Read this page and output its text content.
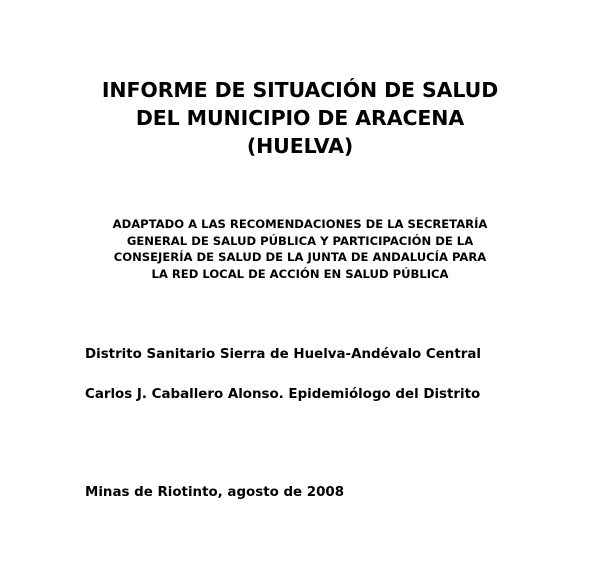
INFORME DE SITUACIÓN DE SALUD
DEL MUNICIPIO DE ARACENA
(HUELVA)
ADAPTADO A LAS RECOMENDACIONES DE LA SECRETARÍA
GENERAL DE SALUD PÚBLICA Y PARTICIPACIÓN DE LA
CONSEJERÍA DE SALUD DE LA JUNTA DE ANDALUCÍA PARA
LA RED LOCAL DE ACCIÓN EN SALUD PÚBLICA
Distrito Sanitario Sierra de Huelva-Andévalo Central
Carlos J. Caballero Alonso. Epidemiólogo del Distrito
Minas de Riotinto, agosto de 2008
